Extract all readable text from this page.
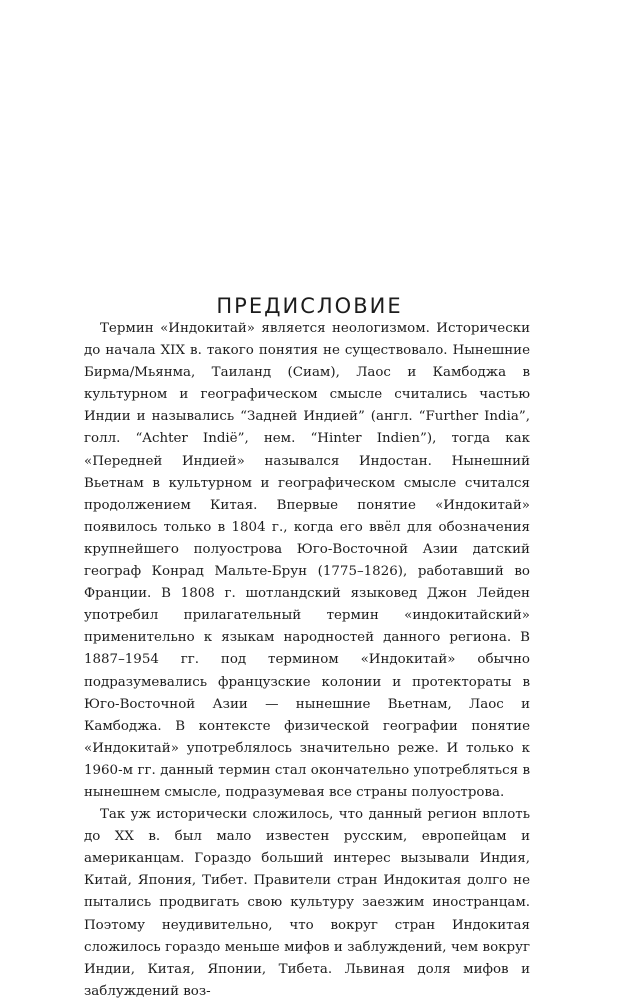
ПРЕДИСЛОВИЕ

Термин «Индокитай» является неологизмом. Исторически до начала XIX в. такого понятия не существовало. Нынешние Бирма/Мьянма, Таиланд (Сиам), Лаос и Камбоджа в культурном и географическом смысле считались частью Индии и назывались “Задней Индией” (англ. “Further India”, голл. “Achter Indië”, нем. “Hinter Indien”), тогда как «Передней Индией» назывался Индостан. Нынешний Вьетнам в культурном и географическом смысле считался продолжением Китая. Впервые понятие «Индокитай» появилось только в 1804 г., когда его ввёл для обозначения крупнейшего полуострова Юго-Восточной Азии датский географ Конрад Мальте-Брун (1775–1826), работавший во Франции. В 1808 г. шотландский языковед Джон Лейден употребил прилагательный термин «индокитайский» применительно к языкам народностей данного региона. В 1887–1954 гг. под термином «Индокитай» обычно подразумевались французские колонии и протектораты в Юго-Восточной Азии — нынешние Вьетнам, Лаос и Камбоджа. В контексте физической географии понятие «Индокитай» употреблялось значительно реже. И только к 1960-м гг. данный термин стал окончательно употребляться в нынешнем смысле, подразумевая все страны полуострова.

Так уж исторически сложилось, что данный регион вплоть до XX в. был мало известен русским, европейцам и американцам. Гораздо больший интерес вызывали Индия, Китай, Япония, Тибет. Правители стран Индокитая долго не пытались продвигать свою культуру заезжим иностранцам. Поэтому неудивительно, что вокруг стран Индокитая сложилось гораздо меньше мифов и заблуждений, чем вокруг Индии, Китая, Японии, Тибета. Львиная доля мифов и заблуждений воз-
